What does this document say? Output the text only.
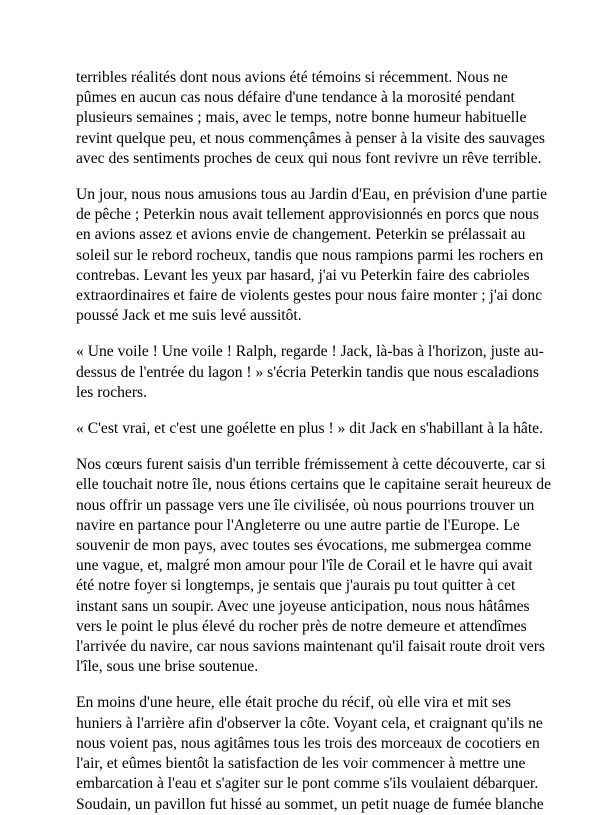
terribles réalités dont nous avions été témoins si récemment. Nous ne
pûmes en aucun cas nous défaire d'une tendance à la morosité pendant
plusieurs semaines ; mais, avec le temps, notre bonne humeur habituelle
revint quelque peu, et nous commençâmes à penser à la visite des sauvages
avec des sentiments proches de ceux qui nous font revivre un rêve terrible.

Un jour, nous nous amusions tous au Jardin d'Eau, en prévision d'une partie
de pêche ; Peterkin nous avait tellement approvisionnés en porcs que nous
en avions assez et avions envie de changement. Peterkin se prélassait au
soleil sur le rebord rocheux, tandis que nous rampions parmi les rochers en
contrebas. Levant les yeux par hasard, j'ai vu Peterkin faire des cabrioles
extraordinaires et faire de violents gestes pour nous faire monter ; j'ai donc
poussé Jack et me suis levé aussitôt.

« Une voile ! Une voile ! Ralph, regarde ! Jack, là-bas à l'horizon, juste au-
dessus de l'entrée du lagon ! » s'écria Peterkin tandis que nous escaladions
les rochers.

« C'est vrai, et c'est une goélette en plus ! » dit Jack en s'habillant à la hâte.

Nos cœurs furent saisis d'un terrible frémissement à cette découverte, car si
elle touchait notre île, nous étions certains que le capitaine serait heureux de
nous offrir un passage vers une île civilisée, où nous pourrions trouver un
navire en partance pour l'Angleterre ou une autre partie de l'Europe. Le
souvenir de mon pays, avec toutes ses évocations, me submergea comme
une vague, et, malgré mon amour pour l'île de Corail et le havre qui avait
été notre foyer si longtemps, je sentais que j'aurais pu tout quitter à cet
instant sans un soupir. Avec une joyeuse anticipation, nous nous hâtâmes
vers le point le plus élevé du rocher près de notre demeure et attendîmes
l'arrivée du navire, car nous savions maintenant qu'il faisait route droit vers
l'île, sous une brise soutenue.

En moins d'une heure, elle était proche du récif, où elle vira et mit ses
huniers à l'arrière afin d'observer la côte. Voyant cela, et craignant qu'ils ne
nous voient pas, nous agitâmes tous les trois des morceaux de cocotiers en
l'air, et eûmes bientôt la satisfaction de les voir commencer à mettre une
embarcation à l'eau et s'agiter sur le pont comme s'ils voulaient débarquer.
Soudain, un pavillon fut hissé au sommet, un petit nuage de fumée blanche
